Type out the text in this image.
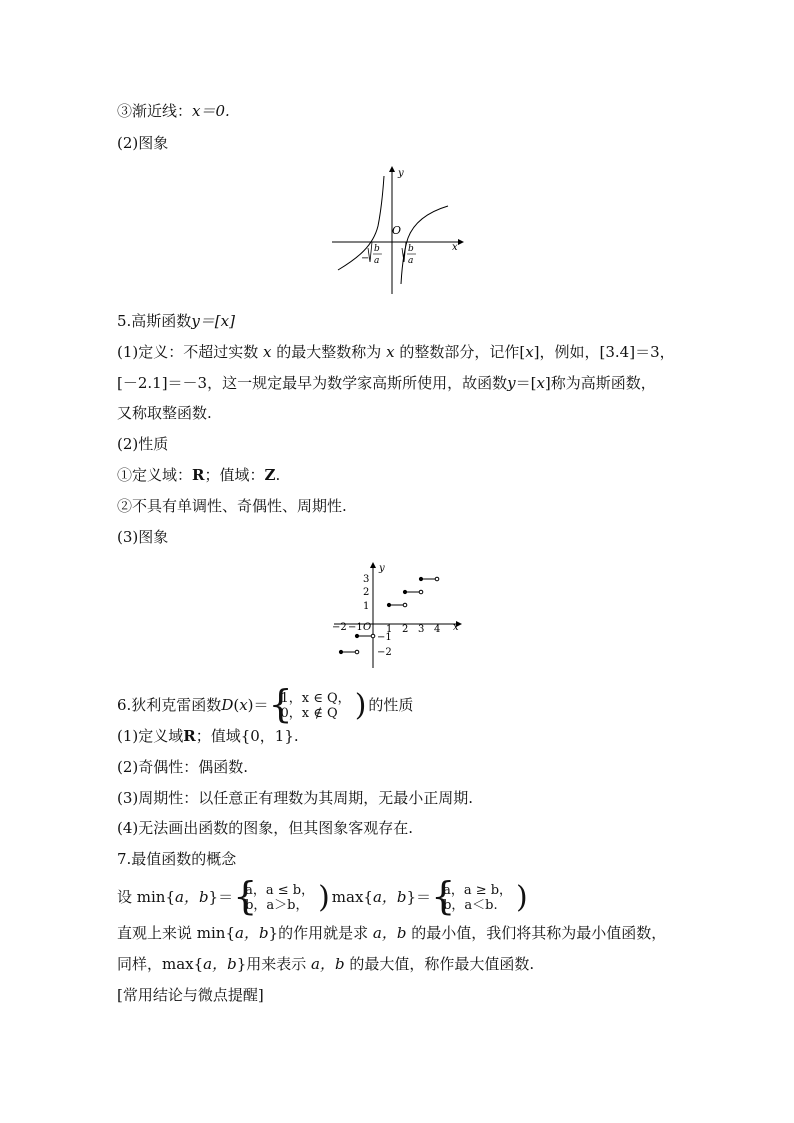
③渐近线：x＝0.
(2)图象
y
O
x
−
b
a
b
a
5.高斯函数y＝[x]
(1)定义：不超过实数 x 的最大整数称为 x 的整数部分，记作[x]，例如，[3.4]＝3，
[－2.1]＝－3，这一规定最早为数学家高斯所使用，故函数y＝[x]称为高斯函数，
又称取整函数.
(2)性质
①定义域：R；值域：Z.
②不具有单调性、奇偶性、周期性.
(3)图象
y
x
O
−2 −1 1 2 3 4
3
2
1
−1
−2
6.狄利克雷函数D(x)＝ { 1，x ∈ Q，
0，x ∉ Q ) 的性质
(1)定义域R；值域{0，1}.
(2)奇偶性：偶函数.
(3)周期性：以任意正有理数为其周期，无最小正周期.
(4)无法画出函数的图象，但其图象客观存在.
7.最值函数的概念
设 min{a，b}＝ { a，a ≤ b，
b，a＞b， ) max{a，b}＝ { a，a ≥ b，
b，a＜b. )
直观上来说 min{a，b}的作用就是求 a，b 的最小值，我们将其称为最小值函数，
同样，max{a，b}用来表示 a，b 的最大值，称作最大值函数.
[常用结论与微点提醒]
